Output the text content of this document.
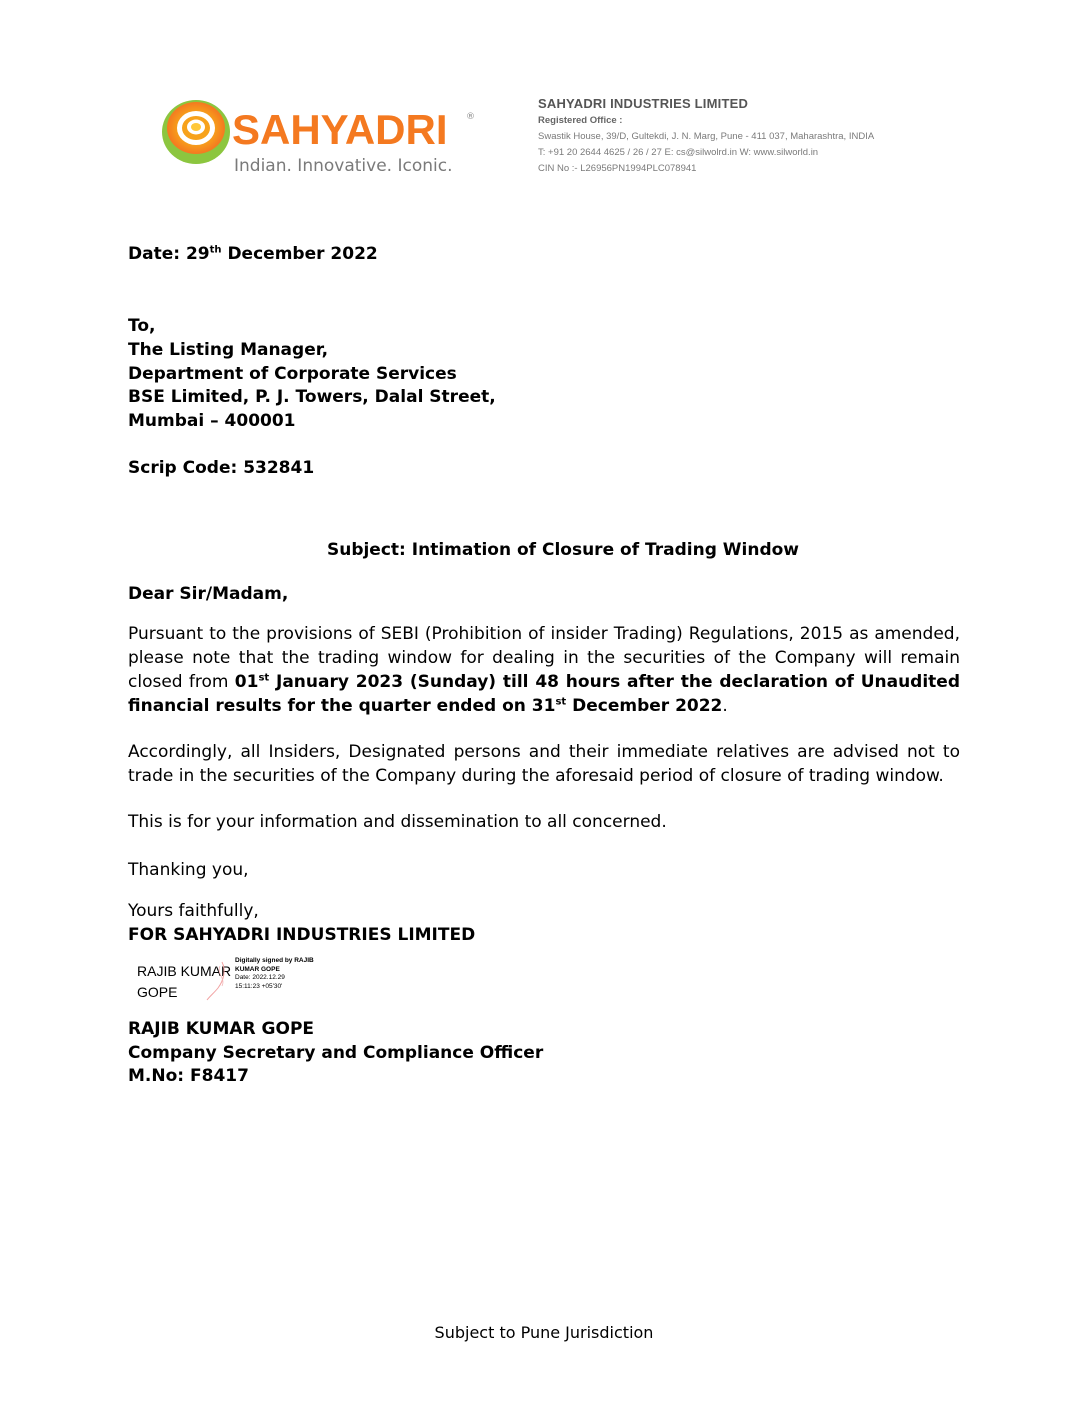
SAHYADRI ®
Indian. Innovative. Iconic.
SAHYADRI INDUSTRIES LIMITED
Registered Office :
Swastik House, 39/D, Gultekdi, J. N. Marg, Pune - 411 037, Maharashtra, INDIA
T: +91 20 2644 4625 / 26 / 27 E: cs@silwolrd.in W: www.silworld.in
CIN No :- L26956PN1994PLC078941
Date: 29th December 2022
To,
The Listing Manager,
Department of Corporate Services
BSE Limited, P. J. Towers, Dalal Street,
Mumbai – 400001
Scrip Code: 532841
Subject: Intimation of Closure of Trading Window
Dear Sir/Madam,
Pursuant to the provisions of SEBI (Prohibition of insider Trading) Regulations, 2015 as amended, please note that the trading window for dealing in the securities of the Company will remain closed from 01st January 2023 (Sunday) till 48 hours after the declaration of Unaudited financial results for the quarter ended on 31st December 2022.
Accordingly, all Insiders, Designated persons and their immediate relatives are advised not to trade in the securities of the Company during the aforesaid period of closure of trading window.
This is for your information and dissemination to all concerned.
Thanking you,
Yours faithfully,
FOR SAHYADRI INDUSTRIES LIMITED
RAJIB KUMAR
GOPE
Digitally signed by RAJIB
KUMAR GOPE
Date: 2022.12.29
15:11:23 +05'30'
RAJIB KUMAR GOPE
Company Secretary and Compliance Officer
M.No: F8417
Subject to Pune Jurisdiction
